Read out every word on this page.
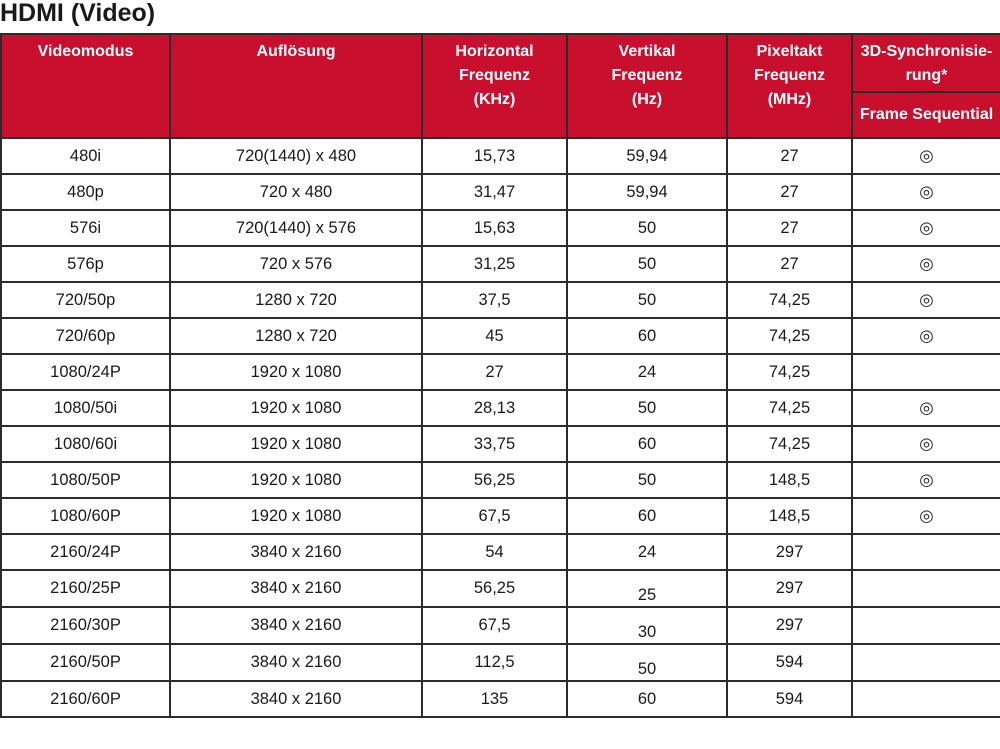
HDMI (Video)
Videomodus	Auflösung	Horizontal
Frequenz
(KHz)	Vertikal
Frequenz
(Hz)	Pixeltakt
Frequenz
(MHz)	3D-Synchronisie-
rung*

					Frame Sequential
480i	720(1440) x 480	15,73	59,94	27	◎
480p	720 x 480	31,47	59,94	27	◎
576i	720(1440) x 576	15,63	50	27	◎
576p	720 x 576	31,25	50	27	◎
720/50p	1280 x 720	37,5	50	74,25	◎
720/60p	1280 x 720	45	60	74,25	◎
1080/24P	1920 x 1080	27	24	74,25	
1080/50i	1920 x 1080	28,13	50	74,25	◎
1080/60i	1920 x 1080	33,75	60	74,25	◎
1080/50P	1920 x 1080	56,25	50	148,5	◎
1080/60P	1920 x 1080	67,5	60	148,5	◎
2160/24P	3840 x 2160	54	24	297	
2160/25P	3840 x 2160	56,25	25	297	
2160/30P	3840 x 2160	67,5	30	297	
2160/50P	3840 x 2160	112,5	50	594	
2160/60P	3840 x 2160	135	60	594	
